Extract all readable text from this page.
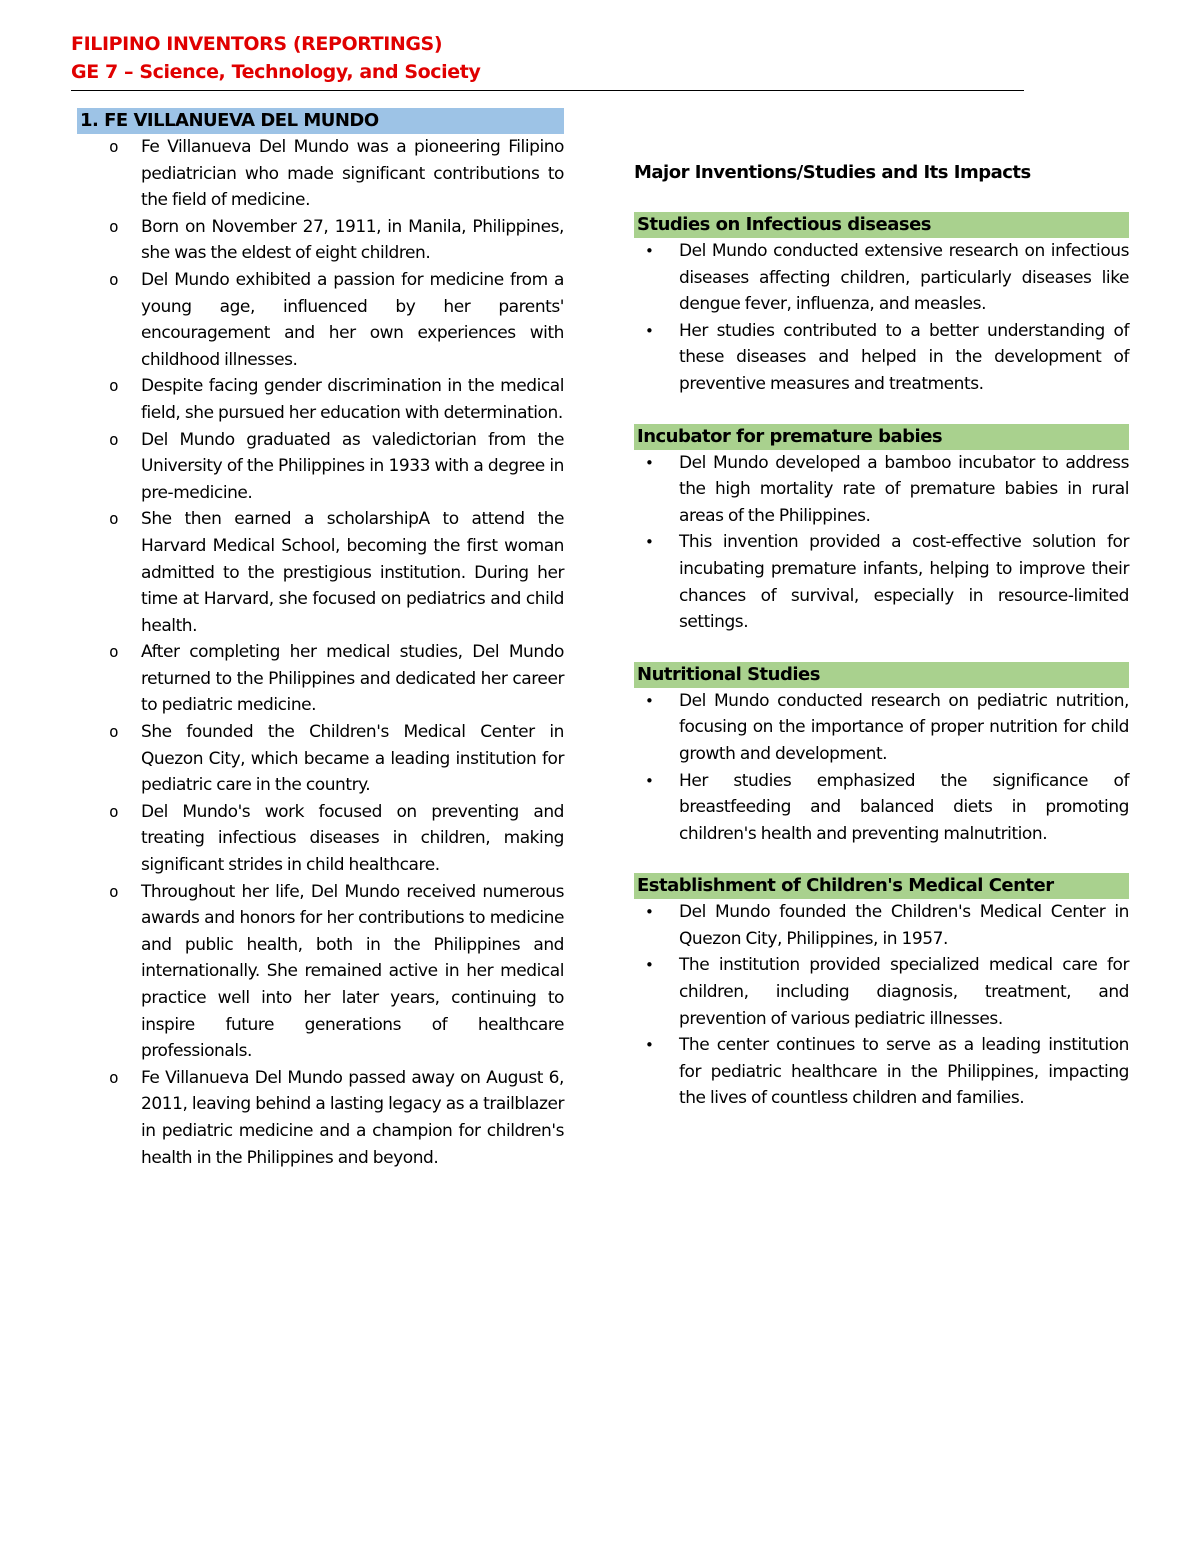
FILIPINO INVENTORS (REPORTINGS)
GE 7 – Science, Technology, and Society
1. FE VILLANUEVA DEL MUNDO
o Fe Villanueva Del Mundo was a pioneering Filipino pediatrician who made significant contributions to the field of medicine.
o Born on November 27, 1911, in Manila, Philippines, she was the eldest of eight children.
o Del Mundo exhibited a passion for medicine from a young age, influenced by her parents' encouragement and her own experiences with childhood illnesses.
o Despite facing gender discrimination in the medical field, she pursued her education with determination.
o Del Mundo graduated as valedictorian from the University of the Philippines in 1933 with a degree in pre-medicine.
o She then earned a scholarshipA to attend the Harvard Medical School, becoming the first woman admitted to the prestigious institution. During her time at Harvard, she focused on pediatrics and child health.
o After completing her medical studies, Del Mundo returned to the Philippines and dedicated her career to pediatric medicine.
o She founded the Children's Medical Center in Quezon City, which became a leading institution for pediatric care in the country.
o Del Mundo's work focused on preventing and treating infectious diseases in children, making significant strides in child healthcare.
o Throughout her life, Del Mundo received numerous awards and honors for her contributions to medicine and public health, both in the Philippines and internationally. She remained active in her medical practice well into her later years, continuing to inspire future generations of healthcare professionals.
o Fe Villanueva Del Mundo passed away on August 6, 2011, leaving behind a lasting legacy as a trailblazer in pediatric medicine and a champion for children's health in the Philippines and beyond.
Major Inventions/Studies and Its Impacts
Studies on Infectious diseases
• Del Mundo conducted extensive research on infectious diseases affecting children, particularly diseases like dengue fever, influenza, and measles.
• Her studies contributed to a better understanding of these diseases and helped in the development of preventive measures and treatments.
Incubator for premature babies
• Del Mundo developed a bamboo incubator to address the high mortality rate of premature babies in rural areas of the Philippines.
• This invention provided a cost-effective solution for incubating premature infants, helping to improve their chances of survival, especially in resource-limited settings.
Nutritional Studies
• Del Mundo conducted research on pediatric nutrition, focusing on the importance of proper nutrition for child growth and development.
• Her studies emphasized the significance of breastfeeding and balanced diets in promoting children's health and preventing malnutrition.
Establishment of Children's Medical Center
• Del Mundo founded the Children's Medical Center in Quezon City, Philippines, in 1957.
• The institution provided specialized medical care for children, including diagnosis, treatment, and prevention of various pediatric illnesses.
• The center continues to serve as a leading institution for pediatric healthcare in the Philippines, impacting the lives of countless children and families.
